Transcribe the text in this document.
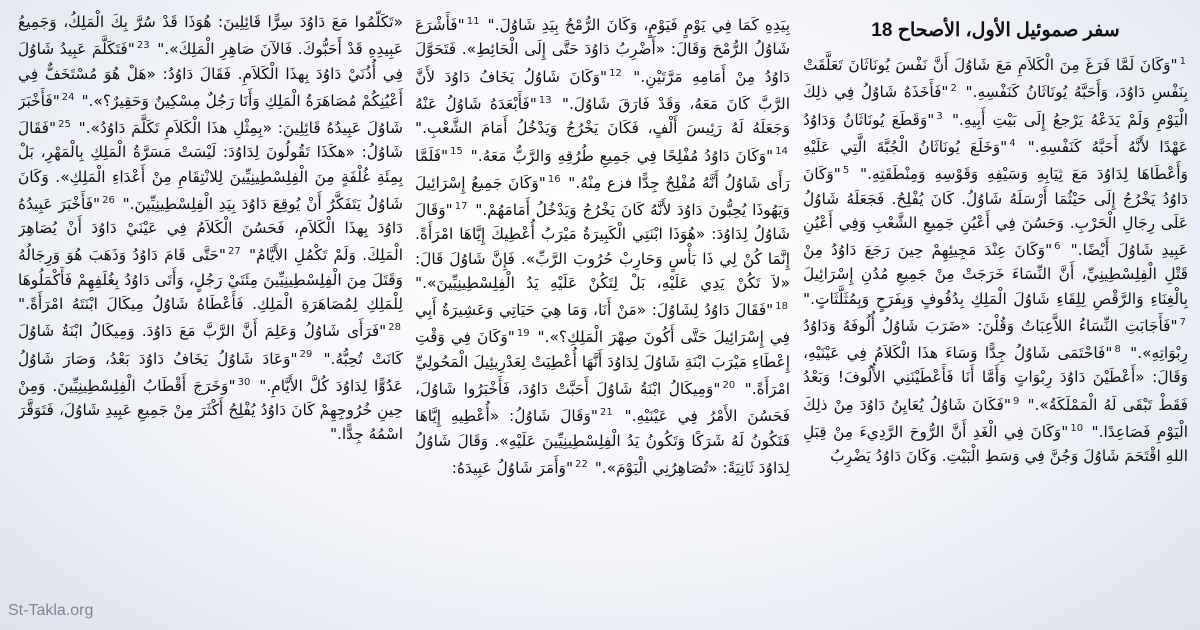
سفر صموئيل الأول، الأصحاح 18
$^1$"وَكَانَ لَمَّا فَرَغَ مِنَ الْكَلاَمِ مَعَ شَاوُلَ أَنَّ نَفْسَ يُونَاثَانَ تَعَلَّقَتْ بِنَفْسِ دَاوُدَ، وَأَحَبَّهُ يُونَاثَانُ كَنَفْسِهِ." $^2$"فَأَخَذَهُ شَاوُلُ فِي ذلِكَ الْيَوْمِ وَلَمْ يَدَعْهُ يَرْجعُ إِلَى بَيْتِ أَبِيهِ." $^3$"وَقَطَعَ يُونَاثَانُ وَدَاوُدُ عَهْدًا لأَنَّهُ أَحَبَّهُ كَنَفْسِهِ." $^4$"وَخَلَعَ يُونَاثَانُ الْجُبَّةَ الَّتِي عَلَيْهِ وَأَعْطَاهَا لِدَاوُدَ مَعَ ثِيَابِهِ وَسَيْفِهِ وَقَوْسِهِ وَمِنْطَقَتِهِ." $^5$"وَكَانَ دَاوُدُ يَخْرُجُ إِلَى حَيْثُمَا أَرْسَلَهُ شَاوُلُ. كَانَ يُفْلِحُ. فَجَعَلَهُ شَاوُلُ عَلَى رِجَالِ الْحَرْبِ. وَحَسُنَ فِي أَعْيُنِ جَمِيعِ الشَّعْبِ وَفِي أَعْيُنِ عَبِيدِ شَاوُلَ أَيْضًا." $^6$"وَكَانَ عِنْدَ مَجِيئِهِمْ حِينَ رَجَعَ دَاوُدُ مِنْ قَتْلِ الْفِلِسْطِينِيِّ، أَنَّ النِّسَاءَ خَرَجَتْ مِنْ جَمِيعِ مُدُنِ إِسْرَائِيلَ بِالْغِنَاءِ وَالرَّقْصِ لِلِقَاءِ شَاوُلَ الْمَلِكِ بِدُفُوفٍ وَبِفَرَحٍ وَبِمُثَلَّثَاتٍ." $^7$"فَأَجَابَتِ النِّسَاءُ اللاَّعِبَاتُ وَقُلْنَ: «ضَرَبَ شَاوُلُ أُلُوفَهُ وَدَاوُدُ رِبْوَاتِهِ»." $^8$"فَاحْتَمَى شَاوُلُ جِدًّا وَسَاءَ هذَا الْكَلاَمُ فِي عَيْنَيْهِ، وَقَالَ: «أَعْطَيْنَ دَاوُدَ رِبْوَاتٍ وَأَمَّا أَنَا فَأَعْطَيْنَنِي الأُلُوفَ! وَبَعْدُ فَقَطْ تَبْقَى لَهُ الْمَمْلَكَةُ»." $^9$"فَكَانَ شَاوُلُ يُعَايِنُ دَاوُدَ مِنْ ذلِكَ الْيَوْمِ فَصَاعِدًا." $^{10}$"وَكَانَ فِي الْغَدِ أَنَّ الرُّوحَ الرَّدِيءَ مِنْ قِبَلِ اللهِ اقْتَحَمَ شَاوُلَ وَجُنَّ فِي وَسَطِ الْبَيْتِ. وَكَانَ دَاوُدُ يَضْرِبُ
بِيَدِهِ كَمَا فِي يَوْمٍ فَيَوْمٍ، وَكَانَ الرُّمْحُ بِيَدِ شَاوُلَ." $^{11}$"فَأَشْرَعَ شَاوُلُ الرُّمْحَ وَقَالَ: «أَضْرِبُ دَاوُدَ حَتَّى إِلَى الْحَائِطِ». فَتَحَوَّلَ دَاوُدُ مِنْ أَمَامِهِ مَرَّتَيْنِ." $^{12}$"وَكَانَ شَاوُلُ يَخَافُ دَاوُدَ لأَنَّ الرَّبَّ كَانَ مَعَهُ، وَقَدْ فَارَقَ شَاوُلَ." $^{13}$"فَأَبْعَدَهُ شَاوُلُ عَنْهُ وَجَعَلَهُ لَهُ رَئِيسَ أَلْفٍ، فَكَانَ يَخْرُجُ وَيَدْخُلُ أَمَامَ الشَّعْبِ." $^{14}$"وَكَانَ دَاوُدُ مُفْلِحًا فِي جَمِيعِ طُرُقِهِ وَالرَّبُّ مَعَهُ." $^{15}$"فَلَمَّا رَأَى شَاوُلُ أَنَّهُ مُفْلِحٌ جِدًّا فزع مِنْهُ." $^{16}$"وَكَانَ جَمِيعُ إِسْرَائِيلَ وَيَهُوذَا يُحِبُّونَ دَاوُدَ لأَنَّهُ كَانَ يَخْرُجُ وَيَدْخُلُ أَمَامَهُمْ." $^{17}$"وَقَالَ شَاوُلُ لِدَاوُدَ: «هُوَذَا ابْنَتِي الْكَبِيرَةُ مَيْرَبُ أُعْطِيكَ إِيَّاهَا امْرَأَةً. إِنَّمَا كُنْ لِي ذَا بَأْسٍ وَحَارِبْ حُرُوبَ الرَّبِّ». فَإِنَّ شَاوُلَ قَالَ: «لاَ تَكُنْ يَدِي عَلَيْهِ، بَلْ لِتَكُنْ عَلَيْهِ يَدُ الْفِلِسْطِينِيِّينَ»." $^{18}$"فَقَالَ دَاوُدُ لِشَاوُلَ: «مَنْ أَنَا، وَمَا هِيَ حَيَاتِي وَعَشِيرَةُ أَبِي فِي إِسْرَائِيلَ حَتَّى أَكُونَ صِهْرَ الْمَلِكِ؟»." $^{19}$"وَكَانَ فِي وَقْتِ إِعْطَاءِ مَيْرَبَ ابْنَةِ شَاوُلَ لِدَاوُدَ أَنَّهَا أُعْطِيَتْ لِعَدْرِيئِيلَ الْمَحُولِيِّ امْرَأَةً." $^{20}$"وَمِيكَالُ ابْنَةُ شَاوُلَ أَحَبَّتْ دَاوُدَ، فَأَخْبَرُوا شَاوُلَ، فَحَسُنَ الأَمْرُ فِي عَيْنَيْهِ." $^{21}$"وَقَالَ شَاوُلُ: «أُعْطِيهِ إِيَّاهَا فَتَكُونُ لَهُ شَرَكًا وَتَكُونُ يَدُ الْفِلِسْطِينِيِّينَ عَلَيْهِ». وَقَالَ شَاوُلُ لِدَاوُدَ ثَانِيَةً: «تُصَاهِرُنِي الْيَوْمَ»." $^{22}$"وَأَمَرَ شَاوُلُ عَبِيدَهُ:
«تَكَلَّمُوا مَعَ دَاوُدَ سِرًّا قَائِلِينَ: هُوَذَا قَدْ سُرَّ بِكَ الْمَلِكُ، وَجَمِيعُ عَبِيدِهِ قَدْ أَحَبُّوكَ. فَالآنَ صَاهِرِ الْمَلِكَ»." $^{23}$"فَتَكَلَّمَ عَبِيدُ شَاوُلَ فِي أُذُنَيْ دَاوُدَ بِهذَا الْكَلاَمِ. فَقَالَ دَاوُدُ: «هَلْ هُوَ مُسْتَخَفٌّ فِي أَعْيُنِكُمْ مُصَاهَرَةُ الْمَلِكِ وَأَنَا رَجُلٌ مِسْكِينٌ وَحَقِيرٌ؟»." $^{24}$"فَأَخْبَرَ شَاوُلَ عَبِيدُهُ قَائِلِينَ: «بِمِثْلِ هذَا الْكَلاَمِ تَكَلَّمَ دَاوُدُ»." $^{25}$"فَقَالَ شَاوُلُ: «هكَذَا تَقُولُونَ لِدَاوُدَ: لَيْسَتْ مَسَرَّةُ الْمَلِكِ بِالْمَهْرِ، بَلْ بِمِئَةِ غُلْفَةٍ مِنَ الْفِلِسْطِينِيِّينَ لِلانْتِقَامِ مِنْ أَعْدَاءِ الْمَلِكِ». وَكَانَ شَاوُلُ يَتَفَكَّرُ أَنْ يُوقِعَ دَاوُدَ بِيَدِ الْفِلِسْطِينِيِّينَ." $^{26}$"فَأَخْبَرَ عَبِيدُهُ دَاوُدَ بِهذَا الْكَلاَمِ، فَحَسُنَ الْكَلاَمُ فِي عَيْنَيْ دَاوُدَ أَنْ يُصَاهِرَ الْمَلِكَ. وَلَمْ تَكْمُلِ الأَيَّامُ" $^{27}$"حَتَّى قَامَ دَاوُدُ وَذَهَبَ هُوَ وَرِجَالُهُ وَقَتَلَ مِنَ الْفِلِسْطِينِيِّينَ مِئَتَيْ رَجُلٍ، وَأَتَى دَاوُدُ بِغُلَفِهِمْ فَأَكْمَلُوهَا لِلْمَلِكِ لِمُصَاهَرَةِ الْمَلِكِ. فَأَعْطَاهُ شَاوُلُ مِيكَالَ ابْنَتَهُ امْرَأَةً." $^{28}$"فَرَأَى شَاوُلُ وَعَلِمَ أَنَّ الرَّبَّ مَعَ دَاوُدَ. وَمِيكَالُ ابْنَةُ شَاوُلَ كَانَتْ تُحِبُّهُ." $^{29}$"وَعَادَ شَاوُلُ يَخَافُ دَاوُدَ بَعْدُ، وَصَارَ شَاوُلُ عَدُوًّا لِدَاوُدَ كُلَّ الأَيَّامِ." $^{30}$"وَخَرَجَ أَقْطَابُ الْفِلِسْطِينِيِّينَ. وَمِنْ حِينِ خُرُوجِهِمْ كَانَ دَاوُدُ يُفْلِحُ أَكْثَرَ مِنْ جَمِيعِ عَبِيدِ شَاوُلَ، فَتَوَقَّرَ اسْمُهُ جِدًّا."
St-Takla.org
